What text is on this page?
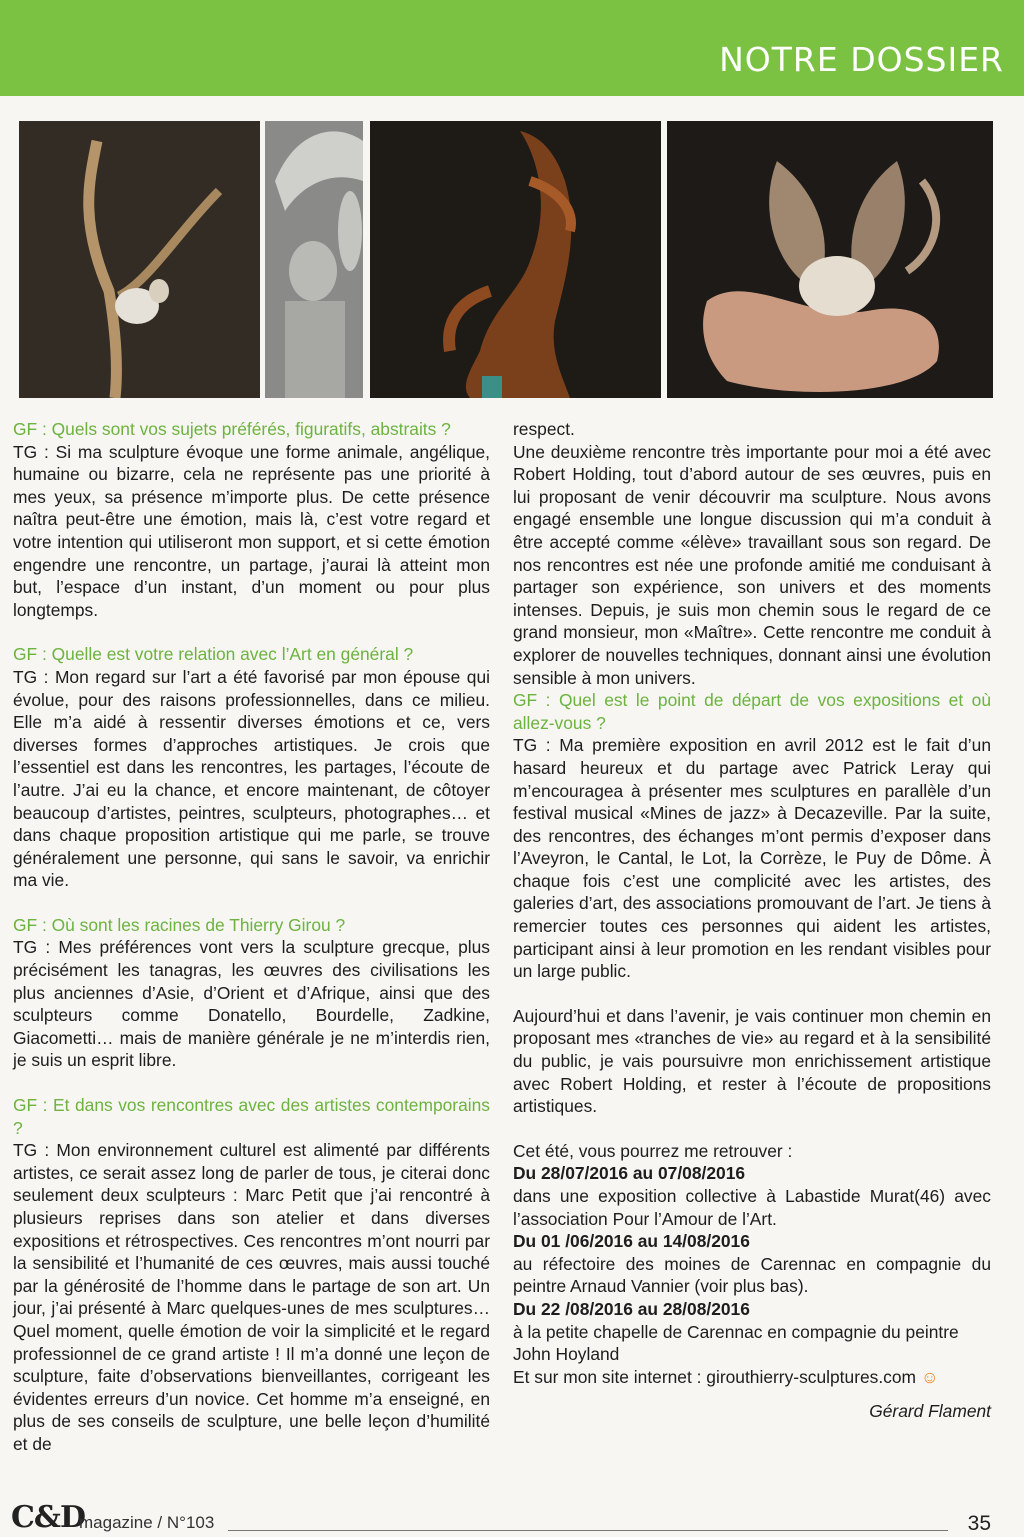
NOTRE DOSSIER

GF : Quels sont vos sujets préférés, figuratifs, abstraits ?

TG : Si ma sculpture évoque une forme animale, angélique, humaine ou bizarre, cela ne représente pas une priorité à mes yeux, sa présence m’importe plus. De cette présence naîtra peut-être une émotion, mais là, c’est votre regard et votre intention qui utiliseront mon support, et si cette émotion engendre une rencontre, un partage, j’aurai là atteint mon but, l’espace d’un instant, d’un moment ou pour plus longtemps.

GF : Quelle est votre relation avec l’Art en général ?

TG : Mon regard sur l’art a été favorisé par mon épouse qui évolue, pour des raisons professionnelles, dans ce milieu. Elle m’a aidé à ressentir diverses émotions et ce, vers diverses formes d’approches artistiques. Je crois que l’essentiel est dans les rencontres, les partages, l’écoute de l’autre. J’ai eu la chance, et encore maintenant, de côtoyer beaucoup d’artistes, peintres, sculpteurs, photographes… et dans chaque proposition artistique qui me parle, se trouve généralement une personne, qui sans le savoir, va enrichir ma vie.

GF : Où sont les racines de Thierry Girou ?

TG : Mes préférences vont vers la sculpture grecque, plus précisément les tanagras, les œuvres des civilisations les plus anciennes d’Asie, d’Orient et d’Afrique, ainsi que des sculpteurs comme Donatello, Bourdelle, Zadkine, Giacometti… mais de manière générale je ne m’interdis rien, je suis un esprit libre.

GF : Et dans vos rencontres avec des artistes contemporains ?

TG : Mon environnement culturel est alimenté par différents artistes, ce serait assez long de parler de tous, je citerai donc seulement deux sculpteurs : Marc Petit que j’ai rencontré à plusieurs reprises dans son atelier et dans diverses expositions et rétrospectives. Ces rencontres m’ont nourri par la sensibilité et l’humanité de ces œuvres, mais aussi touché par la générosité de l’homme dans le partage de son art. Un jour, j’ai présenté à Marc quelques-unes de mes sculptures… Quel moment, quelle émotion de voir la simplicité et le regard professionnel de ce grand artiste ! Il m’a donné une leçon de sculpture, faite d’observations bienveillantes, corrigeant les évidentes erreurs d’un novice. Cet homme m’a enseigné, en plus de ses conseils de sculpture, une belle leçon d’humilité et de

respect.

Une deuxième rencontre très importante pour moi a été avec Robert Holding, tout d’abord autour de ses œuvres, puis en lui proposant de venir découvrir ma sculpture. Nous avons engagé ensemble une longue discussion qui m’a conduit à être accepté comme «élève» travaillant sous son regard. De nos rencontres est née une profonde amitié me conduisant à partager son expérience, son univers et des moments intenses. Depuis, je suis mon chemin sous le regard de ce grand monsieur, mon «Maître». Cette rencontre me conduit à explorer de nouvelles techniques, donnant ainsi une évolution sensible à mon univers.

GF : Quel est le point de départ de vos expositions et où allez-vous ?

TG : Ma première exposition en avril 2012 est le fait d’un hasard heureux et du partage avec Patrick Leray qui m’encouragea à présenter mes sculptures en parallèle d’un festival musical «Mines de jazz» à Decazeville. Par la suite, des rencontres, des échanges m’ont permis d’exposer dans l’Aveyron, le Cantal, le Lot, la Corrèze, le Puy de Dôme. À chaque fois c’est une complicité avec les artistes, des galeries d’art, des associations promouvant de l’art. Je tiens à remercier toutes ces personnes qui aident les artistes, participant ainsi à leur promotion en les rendant visibles pour un large public.

Aujourd’hui et dans l’avenir, je vais continuer mon chemin en proposant mes «tranches de vie» au regard et à la sensibilité du public, je vais poursuivre mon enrichissement artistique avec Robert Holding, et rester à l’écoute de propositions artistiques.

Cet été, vous pourrez me retrouver :

Du 28/07/2016 au 07/08/2016

dans une exposition collective à Labastide Murat(46) avec l’association Pour l’Amour de l’Art.

Du 01 /06/2016 au 14/08/2016

au réfectoire des moines de Carennac en compagnie du peintre Arnaud Vannier (voir plus bas).

Du 22 /08/2016 au 28/08/2016

à la petite chapelle de Carennac en compagnie du peintre John Hoyland

Et sur mon site internet : girouthierry-sculptures.com ☺

Gérard Flament

C&D
magazine / N°103	35
